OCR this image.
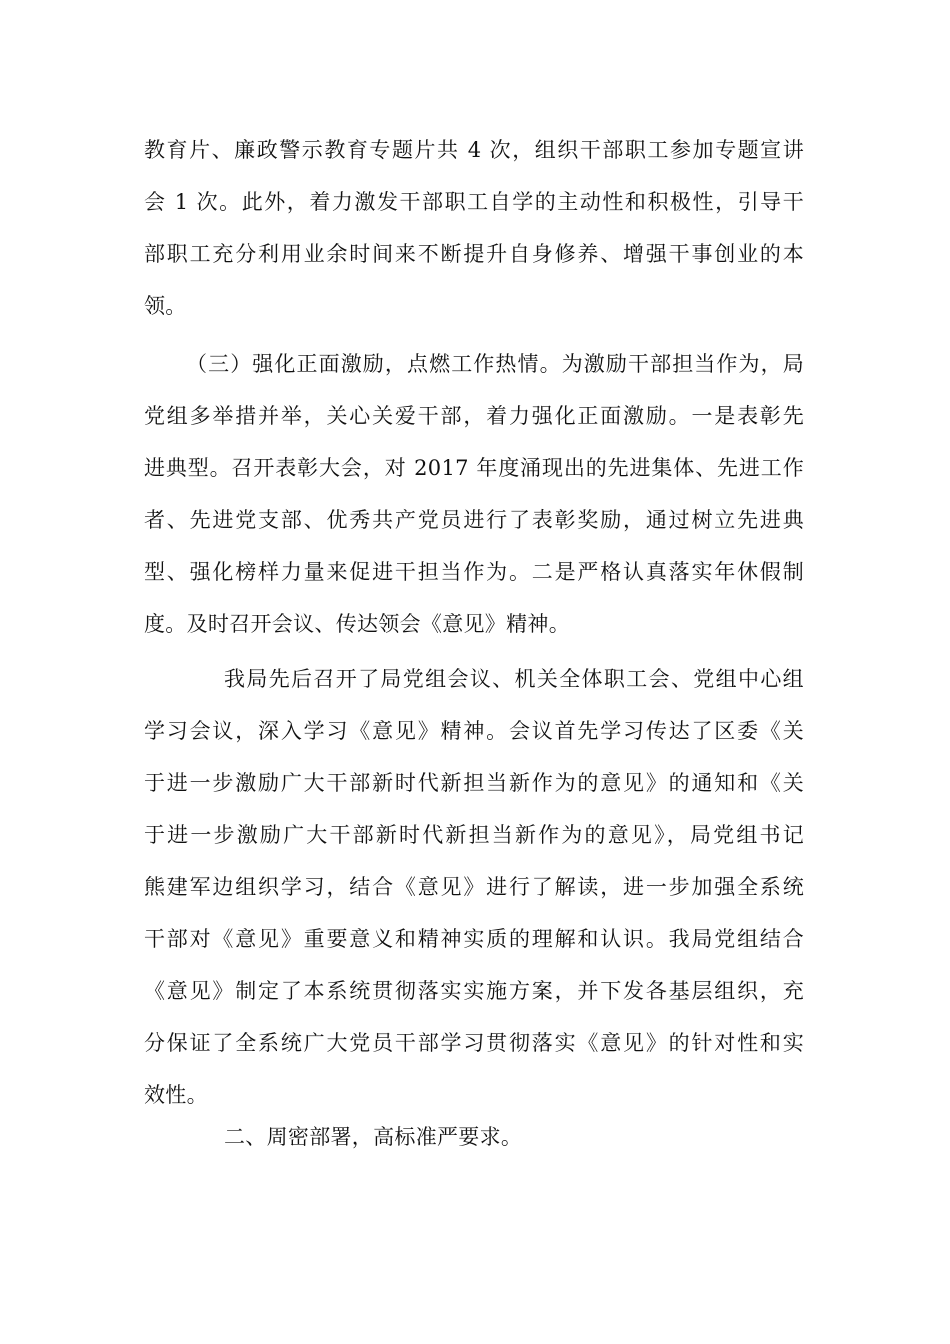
教育片、廉政警示教育专题片共 4 次，组织干部职工参加专题宣讲
会 1 次。此外，着力激发干部职工自学的主动性和积极性，引导干
部职工充分利用业余时间来不断提升自身修养、增强干事创业的本
领。
（三）强化正面激励，点燃工作热情。为激励干部担当作为，局
党组多举措并举，关心关爱干部，着力强化正面激励。一是表彰先
进典型。召开表彰大会，对 2017 年度涌现出的先进集体、先进工作
者、先进党支部、优秀共产党员进行了表彰奖励，通过树立先进典
型、强化榜样力量来促进干担当作为。二是严格认真落实年休假制
度。及时召开会议、传达领会《意见》精神。
我局先后召开了局党组会议、机关全体职工会、党组中心组
学习会议，深入学习《意见》精神。会议首先学习传达了区委《关
于进一步激励广大干部新时代新担当新作为的意见》的通知和《关
于进一步激励广大干部新时代新担当新作为的意见》，局党组书记
熊建军边组织学习，结合《意见》进行了解读，进一步加强全系统
干部对《意见》重要意义和精神实质的理解和认识。我局党组结合
《意见》制定了本系统贯彻落实实施方案，并下发各基层组织，充
分保证了全系统广大党员干部学习贯彻落实《意见》的针对性和实
效性。
二、周密部署，高标准严要求。
